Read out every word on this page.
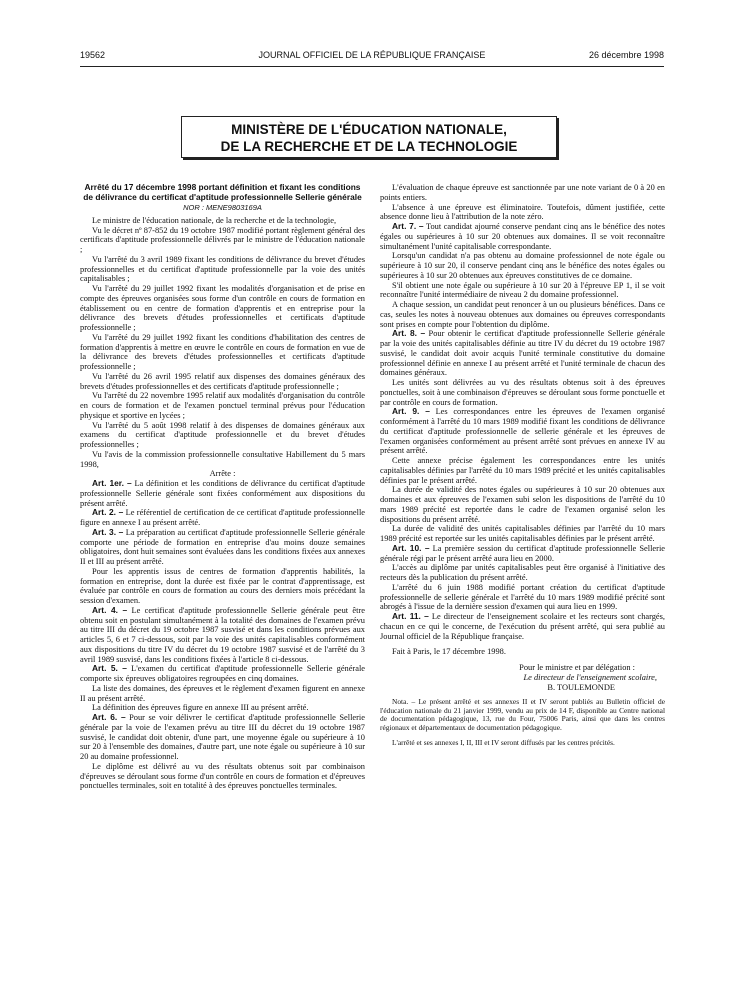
19562	JOURNAL OFFICIEL DE LA RÉPUBLIQUE FRANÇAISE	26 décembre 1998
MINISTÈRE DE L'ÉDUCATION NATIONALE,
DE LA RECHERCHE ET DE LA TECHNOLOGIE

Arrêté du 17 décembre 1998 portant définition et fixant les conditions de délivrance du certificat d'aptitude professionnelle Sellerie générale

NOR : MENE9803169A

Le ministre de l'éducation nationale, de la recherche et de la technologie,

Vu le décret nº 87-852 du 19 octobre 1987 modifié portant règlement général des certificats d'aptitude professionnelle délivrés par le ministre de l'éducation nationale ;

Vu l'arrêté du 3 avril 1989 fixant les conditions de délivrance du brevet d'études professionnelles et du certificat d'aptitude professionnelle par la voie des unités capitalisables ;

Vu l'arrêté du 29 juillet 1992 fixant les modalités d'organisation et de prise en compte des épreuves organisées sous forme d'un contrôle en cours de formation en établissement ou en centre de formation d'apprentis et en entreprise pour la délivrance des brevets d'études professionnelles et certificats d'aptitude professionnelle ;

Vu l'arrêté du 29 juillet 1992 fixant les conditions d'habilitation des centres de formation d'apprentis à mettre en œuvre le contrôle en cours de formation en vue de la délivrance des brevets d'études professionnelles et certificats d'aptitude professionnelle ;

Vu l'arrêté du 26 avril 1995 relatif aux dispenses des domaines généraux des brevets d'études professionnelles et des certificats d'aptitude professionnelle ;

Vu l'arrêté du 22 novembre 1995 relatif aux modalités d'organisation du contrôle en cours de formation et de l'examen ponctuel terminal prévus pour l'éducation physique et sportive en lycées ;

Vu l'arrêté du 5 août 1998 relatif à des dispenses de domaines généraux aux examens du certificat d'aptitude professionnelle et du brevet d'études professionnelles ;

Vu l'avis de la commission professionnelle consultative Habillement du 5 mars 1998,

Arrête :

Art. 1er. – La définition et les conditions de délivrance du certificat d'aptitude professionnelle Sellerie générale sont fixées conformément aux dispositions du présent arrêté.

Art. 2. – Le référentiel de certification de ce certificat d'aptitude professionnelle figure en annexe I au présent arrêté.

Art. 3. – La préparation au certificat d'aptitude professionnelle Sellerie générale comporte une période de formation en entreprise d'au moins douze semaines obligatoires, dont huit semaines sont évaluées dans les conditions fixées aux annexes II et III au présent arrêté.

Pour les apprentis issus de centres de formation d'apprentis habilités, la formation en entreprise, dont la durée est fixée par le contrat d'apprentissage, est évaluée par contrôle en cours de formation au cours des derniers mois précédant la session d'examen.

Art. 4. – Le certificat d'aptitude professionnelle Sellerie générale peut être obtenu soit en postulant simultanément à la totalité des domaines de l'examen prévu au titre III du décret du 19 octobre 1987 susvisé et dans les conditions prévues aux articles 5, 6 et 7 ci-dessous, soit par la voie des unités capitalisables conformément aux dispositions du titre IV du décret du 19 octobre 1987 susvisé et de l'arrêté du 3 avril 1989 susvisé, dans les conditions fixées à l'article 8 ci-dessous.

Art. 5. – L'examen du certificat d'aptitude professionnelle Sellerie générale comporte six épreuves obligatoires regroupées en cinq domaines.

La liste des domaines, des épreuves et le règlement d'examen figurent en annexe II au présent arrêté.

La définition des épreuves figure en annexe III au présent arrêté.

Art. 6. – Pour se voir délivrer le certificat d'aptitude professionnelle Sellerie générale par la voie de l'examen prévu au titre III du décret du 19 octobre 1987 susvisé, le candidat doit obtenir, d'une part, une moyenne égale ou supérieure à 10 sur 20 à l'ensemble des domaines, d'autre part, une note égale ou supérieure à 10 sur 20 au domaine professionnel.

Le diplôme est délivré au vu des résultats obtenus soit par combinaison d'épreuves se déroulant sous forme d'un contrôle en cours de formation et d'épreuves ponctuelles terminales, soit en totalité à des épreuves ponctuelles terminales.

L'évaluation de chaque épreuve est sanctionnée par une note variant de 0 à 20 en points entiers.

L'absence à une épreuve est éliminatoire. Toutefois, dûment justifiée, cette absence donne lieu à l'attribution de la note zéro.

Art. 7. – Tout candidat ajourné conserve pendant cinq ans le bénéfice des notes égales ou supérieures à 10 sur 20 obtenues aux domaines. Il se voit reconnaître simultanément l'unité capitalisable correspondante.

Lorsqu'un candidat n'a pas obtenu au domaine professionnel de note égale ou supérieure à 10 sur 20, il conserve pendant cinq ans le bénéfice des notes égales ou supérieures à 10 sur 20 obtenues aux épreuves constitutives de ce domaine.

S'il obtient une note égale ou supérieure à 10 sur 20 à l'épreuve EP 1, il se voit reconnaître l'unité intermédiaire de niveau 2 du domaine professionnel.

A chaque session, un candidat peut renoncer à un ou plusieurs bénéfices. Dans ce cas, seules les notes à nouveau obtenues aux domaines ou épreuves correspondants sont prises en compte pour l'obtention du diplôme.

Art. 8. – Pour obtenir le certificat d'aptitude professionnelle Sellerie générale par la voie des unités capitalisables définie au titre IV du décret du 19 octobre 1987 susvisé, le candidat doit avoir acquis l'unité terminale constitutive du domaine professionnel définie en annexe I au présent arrêté et l'unité terminale de chacun des domaines généraux.

Les unités sont délivrées au vu des résultats obtenus soit à des épreuves ponctuelles, soit à une combinaison d'épreuves se déroulant sous forme ponctuelle et par contrôle en cours de formation.

Art. 9. – Les correspondances entre les épreuves de l'examen organisé conformément à l'arrêté du 10 mars 1989 modifié fixant les conditions de délivrance du certificat d'aptitude professionnelle de sellerie générale et les épreuves de l'examen organisées conformément au présent arrêté sont prévues en annexe IV au présent arrêté.

Cette annexe précise également les correspondances entre les unités capitalisables définies par l'arrêté du 10 mars 1989 précité et les unités capitalisables définies par le présent arrêté.

La durée de validité des notes égales ou supérieures à 10 sur 20 obtenues aux domaines et aux épreuves de l'examen subi selon les dispositions de l'arrêté du 10 mars 1989 précité est reportée dans le cadre de l'examen organisé selon les dispositions du présent arrêté.

La durée de validité des unités capitalisables définies par l'arrêté du 10 mars 1989 précité est reportée sur les unités capitalisables définies par le présent arrêté.

Art. 10. – La première session du certificat d'aptitude professionnelle Sellerie générale régi par le présent arrêté aura lieu en 2000.

L'accès au diplôme par unités capitalisables peut être organisé à l'initiative des recteurs dès la publication du présent arrêté.

L'arrêté du 6 juin 1988 modifié portant création du certificat d'aptitude professionnelle de sellerie générale et l'arrêté du 10 mars 1989 modifié précité sont abrogés à l'issue de la dernière session d'examen qui aura lieu en 1999.

Art. 11. – Le directeur de l'enseignement scolaire et les recteurs sont chargés, chacun en ce qui le concerne, de l'exécution du présent arrêté, qui sera publié au Journal officiel de la République française.

Fait à Paris, le 17 décembre 1998.

Pour le ministre et par délégation :

Le directeur de l'enseignement scolaire,

B. TOULEMONDE

Nota. – Le présent arrêté et ses annexes II et IV seront publiés au Bulletin officiel de l'éducation nationale du 21 janvier 1999, vendu au prix de 14 F, disponible au Centre national de documentation pédagogique, 13, rue du Four, 75006 Paris, ainsi que dans les centres régionaux et départementaux de documentation pédagogique.

L'arrêté et ses annexes I, II, III et IV seront diffusés par les centres précités.
